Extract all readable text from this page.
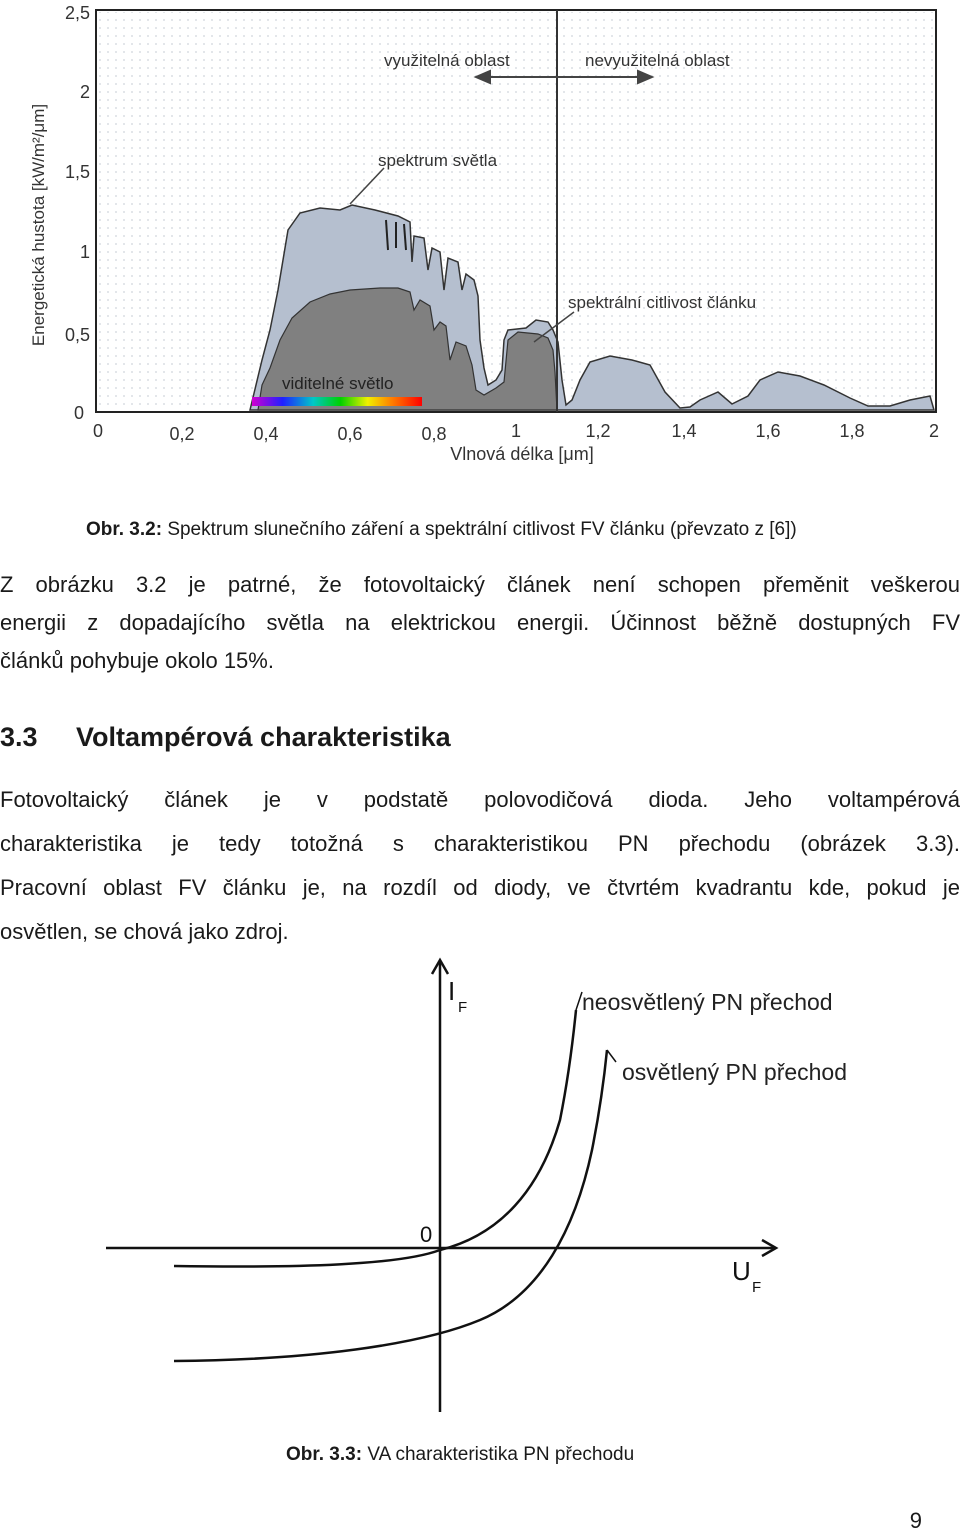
využitelná oblast	nevyužitelná oblast
spektrum světla
spektrální citlivost článku
viditelné světlo
0
0,5
1
1,5
2
2,5
0	0,2	0,4	0,6	0,8	1	1,2	1,4	1,6	1,8	2
Vlnová délka [μm]
Energetická hustota [kW/m²/μm]
Obr. 3.2: Spektrum slunečního záření a spektrální citlivost FV článku (převzato z [6])
Z obrázku 3.2 je patrné, že fotovoltaický článek není schopen přeměnit veškerou
energii z dopadajícího světla na elektrickou energii. Účinnost běžně dostupných FV
článků pohybuje okolo 15%.
3.3 Voltampérová charakteristika
Fotovoltaický článek je v podstatě polovodičová dioda. Jeho voltampérová
charakteristika je tedy totožná s charakteristikou PN přechodu (obrázek 3.3).
Pracovní oblast FV článku je, na rozdíl od diody, ve čtvrtém kvadrantu kde, pokud je
osvětlen, se chová jako zdroj.
I
F
U
F
0
neosvětlený PN přechod
osvětlený PN přechod
Obr. 3.3: VA charakteristika PN přechodu
9
